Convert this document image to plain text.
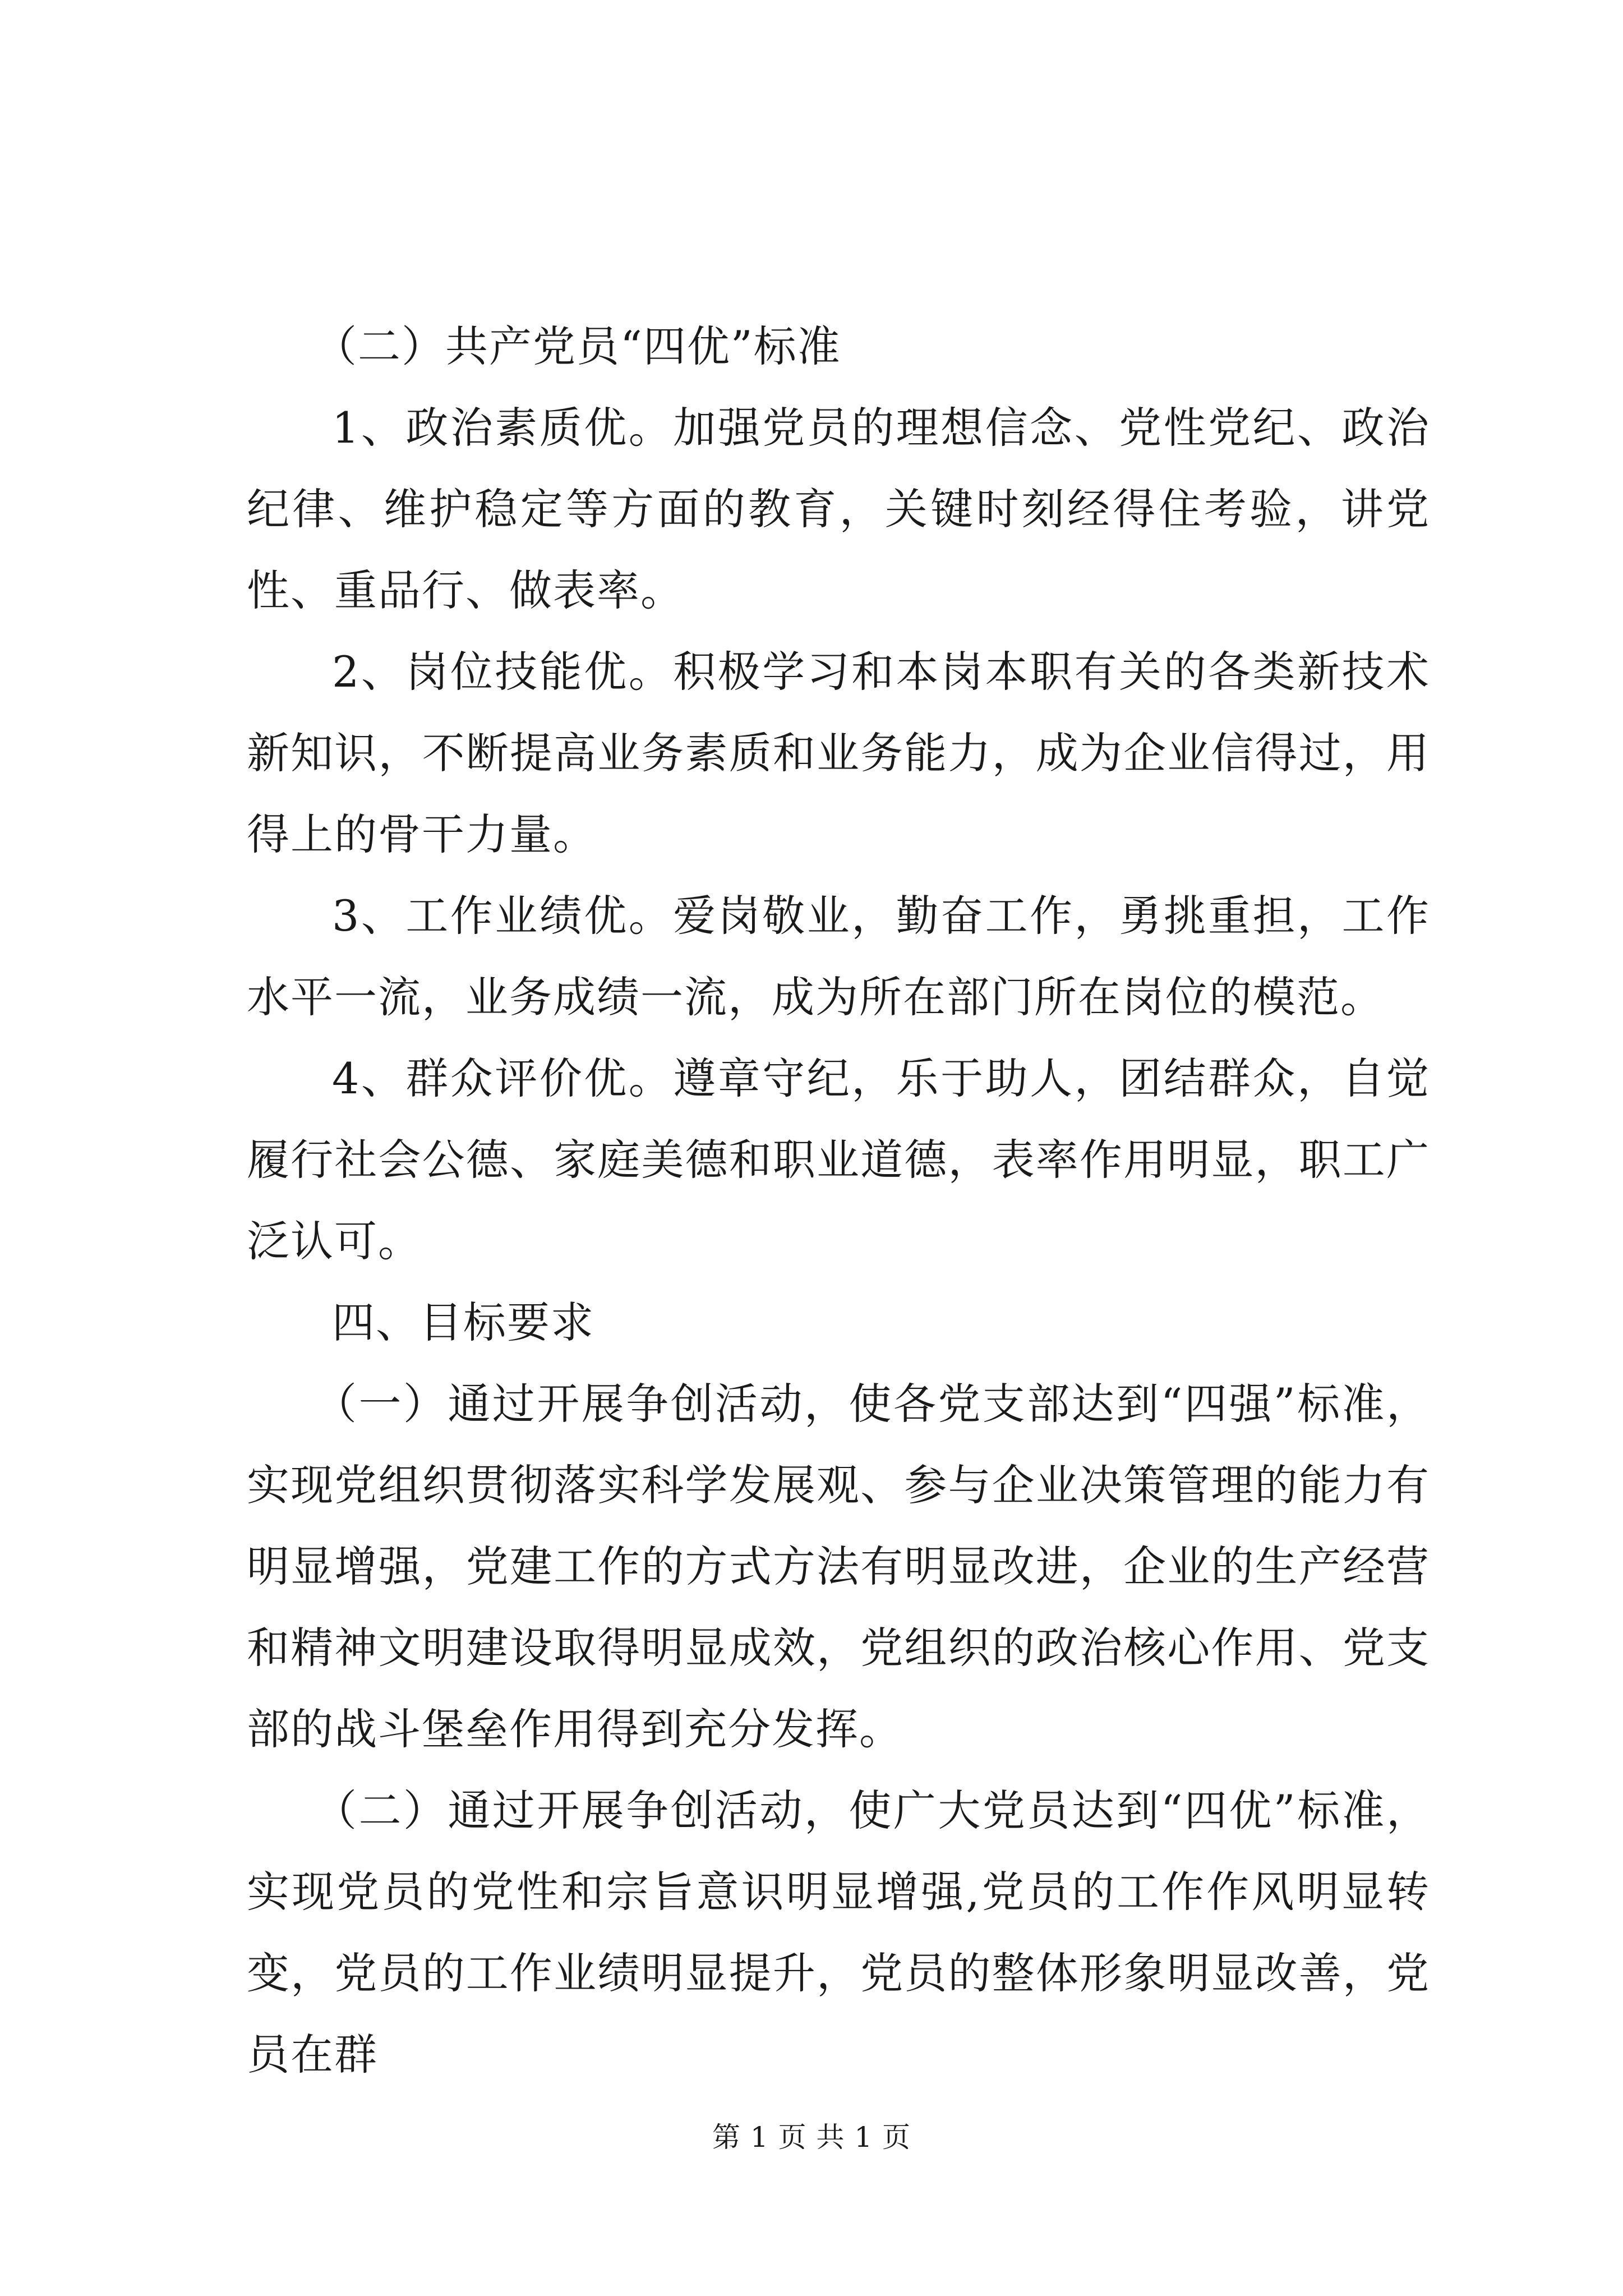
（二）共产党员“四优”标准

1、政治素质优。加强党员的理想信念、党性党纪、政治纪律、维护稳定等方面的教育，关键时刻经得住考验，讲党性、重品行、做表率。

2、岗位技能优。积极学习和本岗本职有关的各类新技术新知识，不断提高业务素质和业务能力，成为企业信得过，用得上的骨干力量。

3、工作业绩优。爱岗敬业，勤奋工作，勇挑重担，工作水平一流，业务成绩一流，成为所在部门所在岗位的模范。

4、群众评价优。遵章守纪，乐于助人，团结群众，自觉履行社会公德、家庭美德和职业道德，表率作用明显，职工广泛认可。

四、目标要求

（一）通过开展争创活动，使各党支部达到“四强”标准，实现党组织贯彻落实科学发展观、参与企业决策管理的能力有明显增强，党建工作的方式方法有明显改进，企业的生产经营和精神文明建设取得明显成效，党组织的政治核心作用、党支部的战斗堡垒作用得到充分发挥。

（二）通过开展争创活动，使广大党员达到“四优”标准，实现党员的党性和宗旨意识明显增强,党员的工作作风明显转变，党员的工作业绩明显提升，党员的整体形象明显改善，党员在群

第 1 页 共 1 页
